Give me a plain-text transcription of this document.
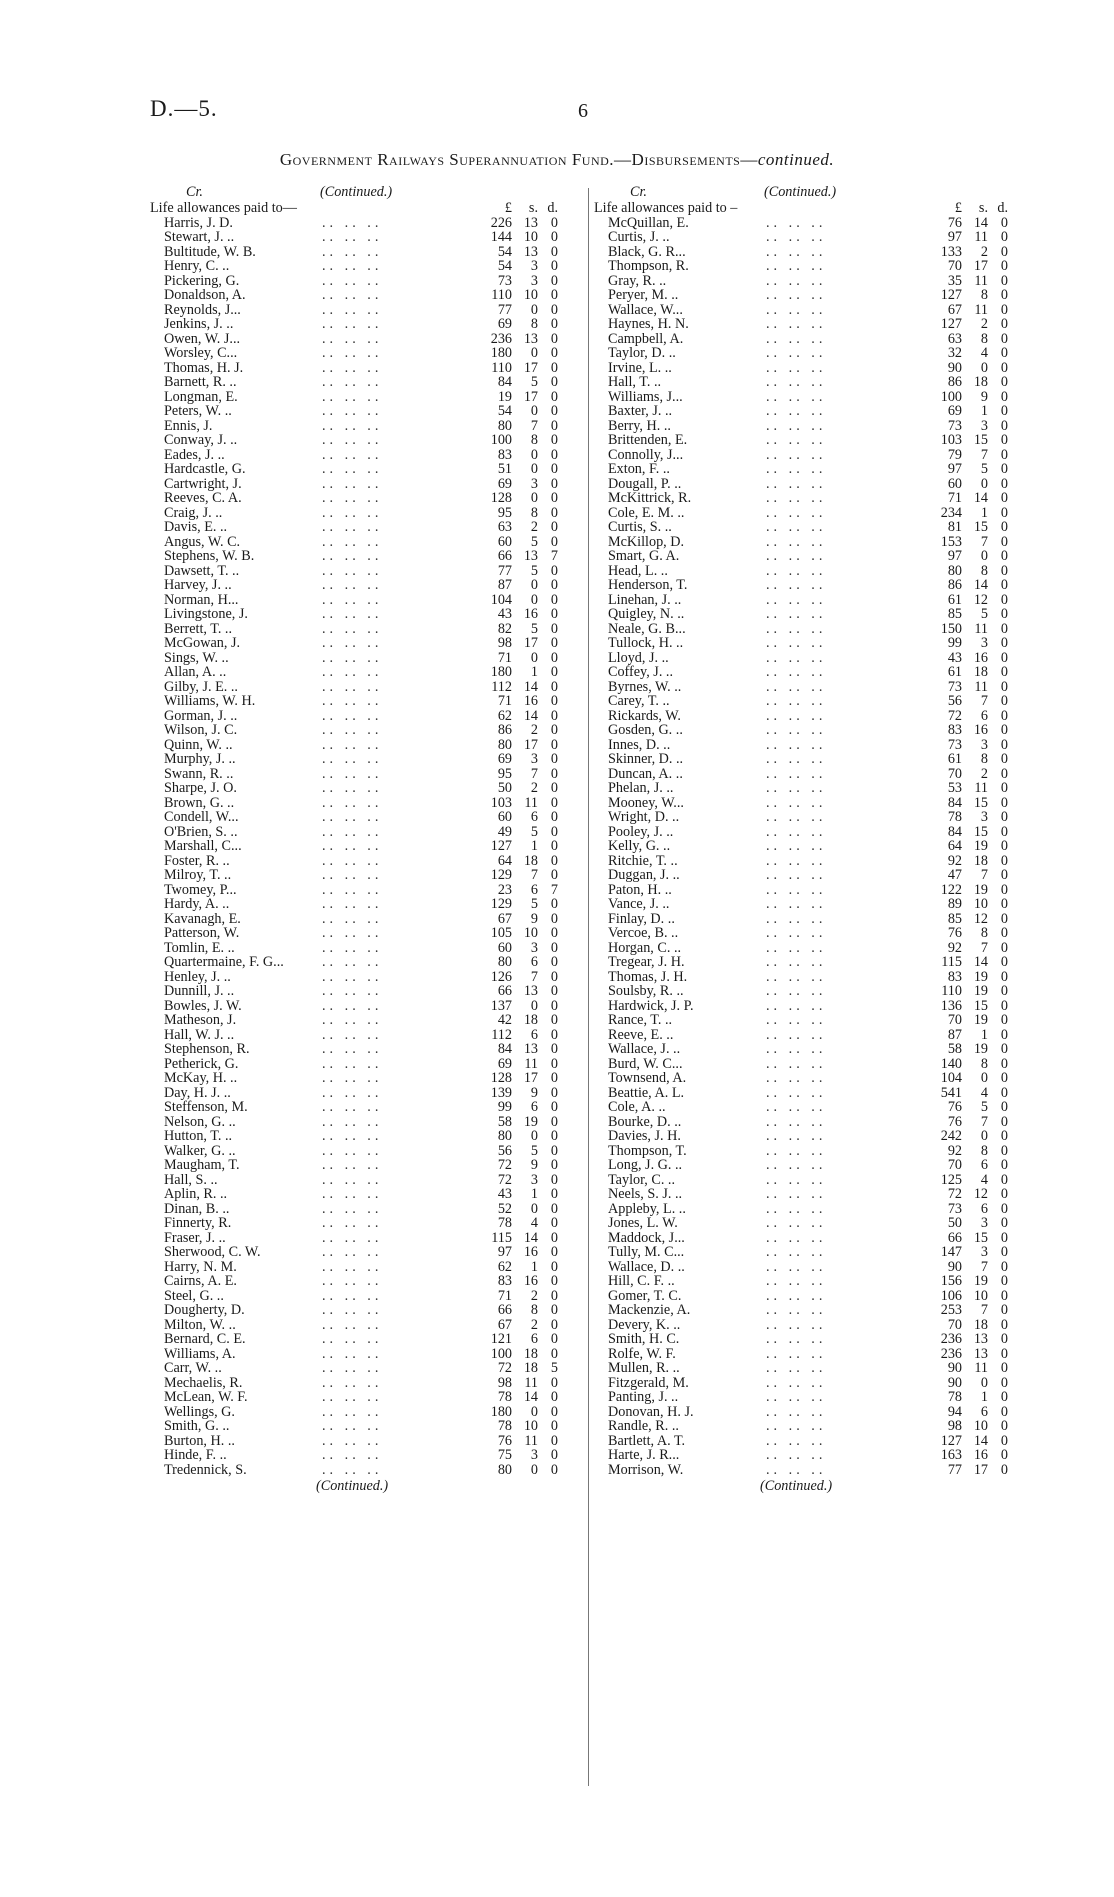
D.—5.	6
Government Railways Superannuation Fund.—Disbursements—continued.
Cr.	(Continued.)
Life allowances paid to—	£	s. d.
Harris, J. D.	.. .. ..	226 13 0
Stewart, J. ..	.. .. ..	144 10 0
Bultitude, W. B.	.. .. ..	54 13 0
Henry, C. ..	.. .. ..	54	3 0
Pickering, G.	.. .. ..	73	3 0
Donaldson, A.	.. .. ..	110 10 0
Reynolds, J...	.. .. ..	77	0 0
Jenkins, J. ..	.. .. ..	69	8 0
Owen, W. J...	.. .. ..	236 13 0
Worsley, C...	.. .. ..	180	0 0
Thomas, H. J.	.. .. ..	110 17 0
Barnett, R. ..	.. .. ..	84	5 0
Longman, E.	.. .. ..	19 17 0
Peters, W. ..	.. .. ..	54	0 0
Ennis, J.	.. .. ..	80	7 0
Conway, J. ..	.. .. ..	100	8 0
Eades, J. ..	.. .. ..	83	0 0
Hardcastle, G.	.. .. ..	51	0 0
Cartwright, J.	.. .. ..	69	3 0
Reeves, C. A.	.. .. ..	128	0 0
Craig, J. ..	.. .. ..	95	8 0
Davis, E. ..	.. .. ..	63	2 0
Angus, W. C.	.. .. ..	60	5 0
Stephens, W. B.	.. .. ..	66 13 7
Dawsett, T. ..	.. .. ..	77	5 0
Harvey, J. ..	.. .. ..	87	0 0
Norman, H...	.. .. ..	104	0 0
Livingstone, J.	.. .. ..	43 16 0
Berrett, T. ..	.. .. ..	82	5 0
McGowan, J.	.. .. ..	98 17 0
Sings, W. ..	.. .. ..	71	0 0
Allan, A. ..	.. .. ..	180	1 0
Gilby, J. E. ..	.. .. ..	112 14 0
Williams, W. H.	.. .. ..	71 16 0
Gorman, J. ..	.. .. ..	62 14 0
Wilson, J. C.	.. .. ..	86	2 0
Quinn, W. ..	.. .. ..	80 17 0
Murphy, J. ..	.. .. ..	69	3 0
Swann, R. ..	.. .. ..	95	7 0
Sharpe, J. O.	.. .. ..	50	2 0
Brown, G. ..	.. .. ..	103 11 0
Condell, W...	.. .. ..	60	6 0
O'Brien, S. ..	.. .. ..	49	5 0
Marshall, C...	.. .. ..	127	1 0
Foster, R. ..	.. .. ..	64 18 0
Milroy, T. ..	.. .. ..	129	7 0
Twomey, P...	.. .. ..	23	6 7
Hardy, A. ..	.. .. ..	129	5 0
Kavanagh, E.	.. .. ..	67	9 0
Patterson, W.	.. .. ..	105 10 0
Tomlin, E. ..	.. .. ..	60	3 0
Quartermaine, F. G...	.. .. ..	80	6 0
Henley, J. ..	.. .. ..	126	7 0
Dunnill, J. ..	.. .. ..	66 13 0
Bowles, J. W.	.. .. ..	137	0 0
Matheson, J.	.. .. ..	42 18 0
Hall, W. J. ..	.. .. ..	112	6 0
Stephenson, R.	.. .. ..	84 13 0
Petherick, G.	.. .. ..	69 11 0
McKay, H. ..	.. .. ..	128 17 0
Day, H. J. ..	.. .. ..	139	9 0
Steffenson, M.	.. .. ..	99	6 0
Nelson, G. ..	.. .. ..	58 19 0
Hutton, T. ..	.. .. ..	80	0 0
Walker, G. ..	.. .. ..	56	5 0
Maugham, T.	.. .. ..	72	9 0
Hall, S. ..	.. .. ..	72	3 0
Aplin, R. ..	.. .. ..	43	1 0
Dinan, B. ..	.. .. ..	52	0 0
Finnerty, R.	.. .. ..	78	4 0
Fraser, J. ..	.. .. ..	115 14 0
Sherwood, C. W.	.. .. ..	97 16 0
Harry, N. M.	.. .. ..	62	1 0
Cairns, A. E.	.. .. ..	83 16 0
Steel, G. ..	.. .. ..	71	2 0
Dougherty, D.	.. .. ..	66	8 0
Milton, W. ..	.. .. ..	67	2 0
Bernard, C. E.	.. .. ..	121	6 0
Williams, A.	.. .. ..	100 18 0
Carr, W. ..	.. .. ..	72 18 5
Mechaelis, R.	.. .. ..	98 11 0
McLean, W. F.	.. .. ..	78 14 0
Wellings, G.	.. .. ..	180	0 0
Smith, G. ..	.. .. ..	78 10 0
Burton, H. ..	.. .. ..	76 11 0
Hinde, F. ..	.. .. ..	75	3 0
Tredennick, S.	.. .. ..	80	0 0
(Continued.)
Cr.	(Continued.)
Life allowances paid to –	£	s. d.
McQuillan, E.	.. .. ..	76 14 0
Curtis, J. ..	.. .. ..	97 11 0
Black, G. R...	.. .. ..	133	2 0
Thompson, R.	.. .. ..	70 17 0
Gray, R. ..	.. .. ..	35 11 0
Peryer, M. ..	.. .. ..	127	8 0
Wallace, W...	.. .. ..	67 11 0
Haynes, H. N.	.. .. ..	127	2 0
Campbell, A.	.. .. ..	63	8 0
Taylor, D. ..	.. .. ..	32	4 0
Irvine, L. ..	.. .. ..	90	0 0
Hall, T. ..	.. .. ..	86 18 0
Williams, J...	.. .. ..	100	9 0
Baxter, J. ..	.. .. ..	69	1 0
Berry, H. ..	.. .. ..	73	3 0
Brittenden, E.	.. .. ..	103 15 0
Connolly, J...	.. .. ..	79	7 0
Exton, F. ..	.. .. ..	97	5 0
Dougall, P. ..	.. .. ..	60	0 0
McKittrick, R.	.. .. ..	71 14 0
Cole, E. M. ..	.. .. ..	234	1 0
Curtis, S. ..	.. .. ..	81 15 0
McKillop, D.	.. .. ..	153	7 0
Smart, G. A.	.. .. ..	97	0 0
Head, L. ..	.. .. ..	80	8 0
Henderson, T.	.. .. ..	86 14 0
Linehan, J. ..	.. .. ..	61 12 0
Quigley, N. ..	.. .. ..	85	5 0
Neale, G. B...	.. .. ..	150 11 0
Tullock, H. ..	.. .. ..	99	3 0
Lloyd, J. ..	.. .. ..	43 16 0
Coffey, J. ..	.. .. ..	61 18 0
Byrnes, W. ..	.. .. ..	73 11 0
Carey, T. ..	.. .. ..	56	7 0
Rickards, W.	.. .. ..	72	6 0
Gosden, G. ..	.. .. ..	83 16 0
Innes, D. ..	.. .. ..	73	3 0
Skinner, D. ..	.. .. ..	61	8 0
Duncan, A. ..	.. .. ..	70	2 0
Phelan, J. ..	.. .. ..	53 11 0
Mooney, W...	.. .. ..	84 15 0
Wright, D. ..	.. .. ..	78	3 0
Pooley, J. ..	.. .. ..	84 15 0
Kelly, G. ..	.. .. ..	64 19 0
Ritchie, T. ..	.. .. ..	92 18 0
Duggan, J. ..	.. .. ..	47	7 0
Paton, H. ..	.. .. ..	122 19 0
Vance, J. ..	.. .. ..	89 10 0
Finlay, D. ..	.. .. ..	85 12 0
Vercoe, B. ..	.. .. ..	76	8 0
Horgan, C. ..	.. .. ..	92	7 0
Tregear, J. H.	.. .. ..	115 14 0
Thomas, J. H.	.. .. ..	83 19 0
Soulsby, R. ..	.. .. ..	110 19 0
Hardwick, J. P.	.. .. ..	136 15 0
Rance, T. ..	.. .. ..	70 19 0
Reeve, E. ..	.. .. ..	87	1 0
Wallace, J. ..	.. .. ..	58 19 0
Burd, W. C...	.. .. ..	140	8 0
Townsend, A.	.. .. ..	104	0 0
Beattie, A. L.	.. .. ..	541	4 0
Cole, A. ..	.. .. ..	76	5 0
Bourke, D. ..	.. .. ..	76	7 0
Davies, J. H.	.. .. ..	242	0 0
Thompson, T.	.. .. ..	92	8 0
Long, J. G. ..	.. .. ..	70	6 0
Taylor, C. ..	.. .. ..	125	4 0
Neels, S. J. ..	.. .. ..	72 12 0
Appleby, L. ..	.. .. ..	73	6 0
Jones, L. W.	.. .. ..	50	3 0
Maddock, J...	.. .. ..	66 15 0
Tully, M. C...	.. .. ..	147	3 0
Wallace, D. ..	.. .. ..	90	7 0
Hill, C. F. ..	.. .. ..	156 19 0
Gomer, T. C.	.. .. ..	106 10 0
Mackenzie, A.	.. .. ..	253	7 0
Devery, K. ..	.. .. ..	70 18 0
Smith, H. C.	.. .. ..	236 13 0
Rolfe, W. F.	.. .. ..	236 13 0
Mullen, R. ..	.. .. ..	90 11 0
Fitzgerald, M.	.. .. ..	90	0 0
Panting, J. ..	.. .. ..	78	1 0
Donovan, H. J.	.. .. ..	94	6 0
Randle, R. ..	.. .. ..	98 10 0
Bartlett, A. T.	.. .. ..	127 14 0
Harte, J. R...	.. .. ..	163 16 0
Morrison, W.	.. .. ..	77 17 0
(Continued.)
